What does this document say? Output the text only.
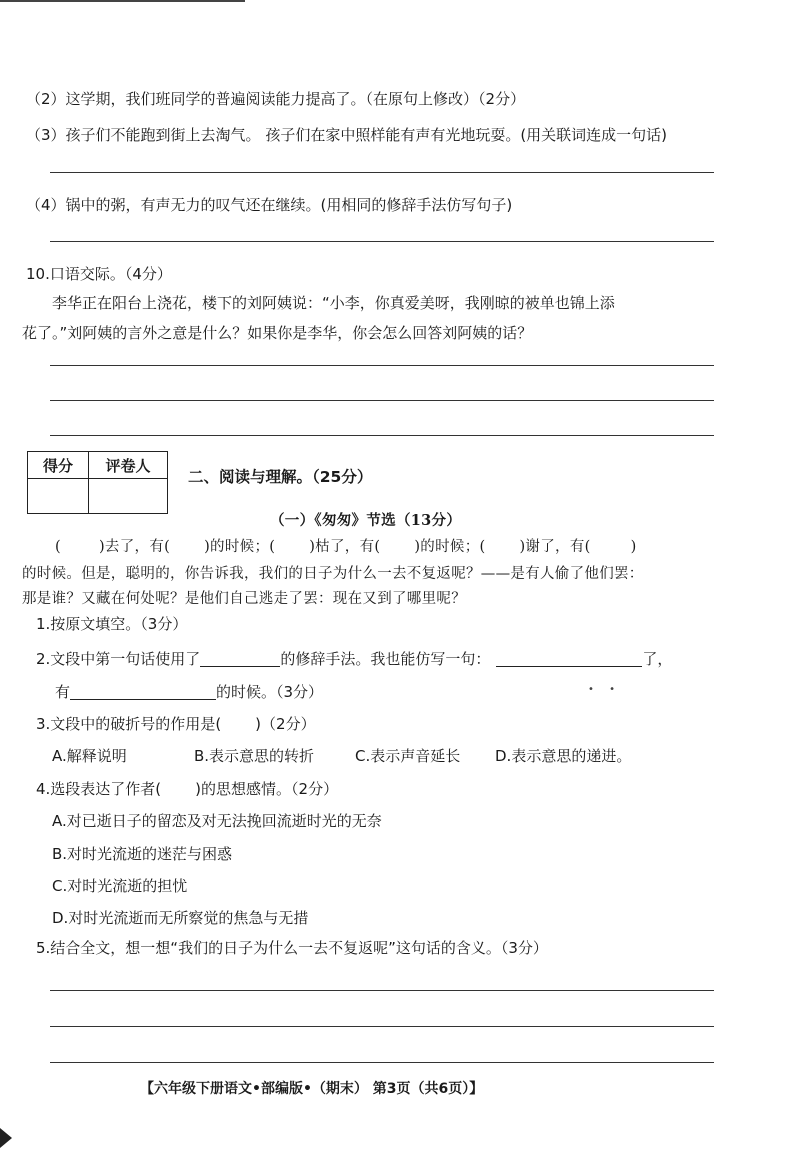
（2）这学期，我们班同学的普遍阅读能力提高了。（在原句上修改）（2分）
（3）孩子们不能跑到街上去淘气。 孩子们在家中照样能有声有光地玩耍。(用关联词连成一句话)
（4）锅中的粥，有声无力的叹气还在继续。(用相同的修辞手法仿写句子)
10.口语交际。（4分）
李华正在阳台上浇花，楼下的刘阿姨说：“小李，你真爱美呀，我刚晾的被单也锦上添
花了。”刘阿姨的言外之意是什么？如果你是李华，你会怎么回答刘阿姨的话？
得分	评卷人

二、阅读与理解。（25分）
（一）《匆匆》节选（13分）
(	)去了，有( )的时候；( )枯了，有( )的时候；( )谢了，有(	)
的时候。但是，聪明的，你告诉我，我们的日子为什么一去不复返呢？——是有人偷了他们罢：
那是谁？又藏在何处呢？是他们自己逃走了罢：现在又到了哪里呢？
1.按原文填空。（3分）
2.文段中第一句话使用了	的修辞手法。我也能仿写一句：	了，
有	的时候。（3分）	• •
3.文段中的破折号的作用是( )（2分）
A.解释说明	B.表示意思的转折	C.表示声音延长 D.表示意思的递进。
4.选段表达了作者( )的思想感情。（2分）
A.对已逝日子的留恋及对无法挽回流逝时光的无奈
B.对时光流逝的迷茫与困惑
C.对时光流逝的担忧
D.对时光流逝而无所察觉的焦急与无措
5.结合全文，想一想“我们的日子为什么一去不复返呢”这句话的含义。（3分）
【六年级下册语文•部编版•（期末） 第3页（共6页）】
